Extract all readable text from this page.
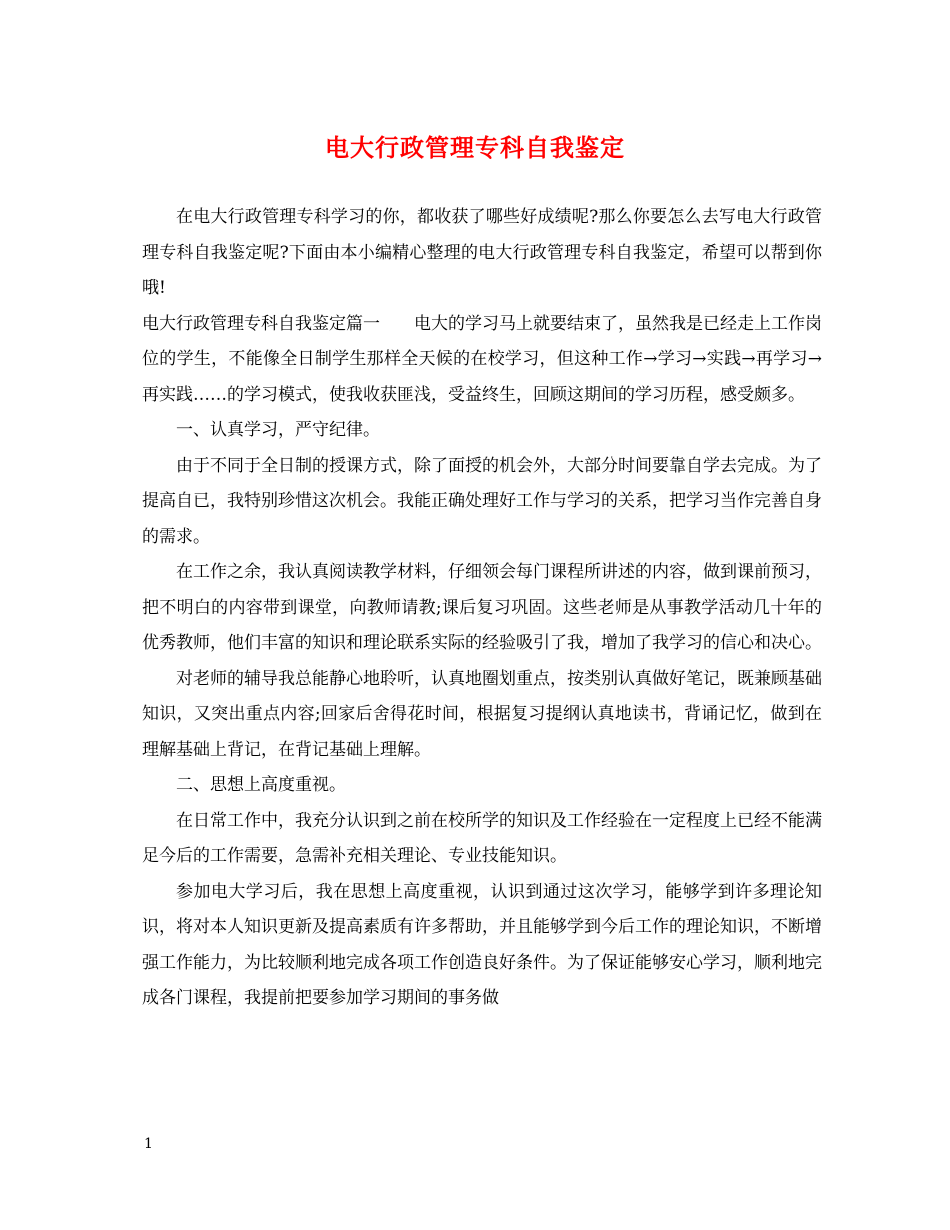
电大行政管理专科自我鉴定

在电大行政管理专科学习的你，都收获了哪些好成绩呢?那么你要怎么去写电大行政管理专科自我鉴定呢?下面由本小编精心整理的电大行政管理专科自我鉴定，希望可以帮到你哦!

电大行政管理专科自我鉴定篇一　　电大的学习马上就要结束了，虽然我是已经走上工作岗位的学生，不能像全日制学生那样全天候的在校学习，但这种工作→学习→实践→再学习→再实践……的学习模式，使我收获匪浅，受益终生，回顾这期间的学习历程，感受颇多。

一、认真学习，严守纪律。

由于不同于全日制的授课方式，除了面授的机会外，大部分时间要靠自学去完成。为了提高自已，我特别珍惜这次机会。我能正确处理好工作与学习的关系，把学习当作完善自身的需求。

在工作之余，我认真阅读教学材料，仔细领会每门课程所讲述的内容，做到课前预习，把不明白的内容带到课堂，向教师请教;课后复习巩固。这些老师是从事教学活动几十年的优秀教师，他们丰富的知识和理论联系实际的经验吸引了我，增加了我学习的信心和决心。

对老师的辅导我总能静心地聆听，认真地圈划重点，按类别认真做好笔记，既兼顾基础知识，又突出重点内容;回家后舍得花时间，根据复习提纲认真地读书，背诵记忆，做到在理解基础上背记，在背记基础上理解。

二、思想上高度重视。

在日常工作中，我充分认识到之前在校所学的知识及工作经验在一定程度上已经不能满足今后的工作需要，急需补充相关理论、专业技能知识。

参加电大学习后，我在思想上高度重视，认识到通过这次学习，能够学到许多理论知识，将对本人知识更新及提高素质有许多帮助，并且能够学到今后工作的理论知识，不断增强工作能力，为比较顺利地完成各项工作创造良好条件。为了保证能够安心学习，顺利地完成各门课程，我提前把要参加学习期间的事务做

1
